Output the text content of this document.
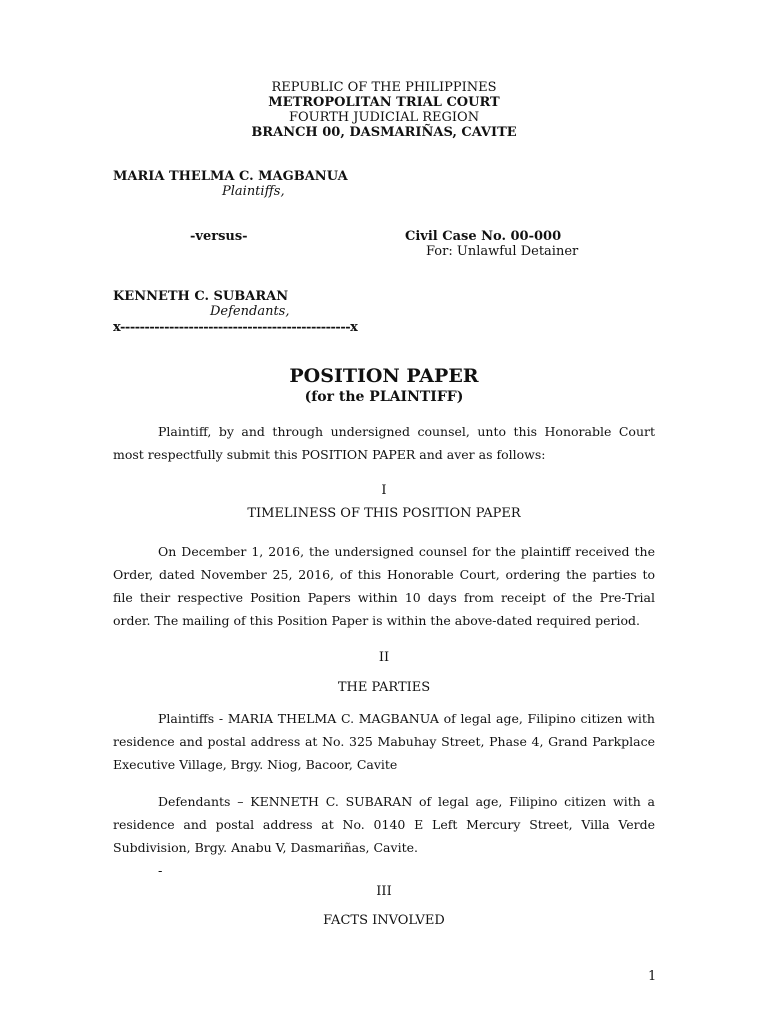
REPUBLIC OF THE PHILIPPINES
METROPOLITAN TRIAL COURT
FOURTH JUDICIAL REGION
BRANCH 00, DASMARIÑAS, CAVITE
MARIA THELMA C. MAGBANUA
Plaintiffs,
-versus-	Civil Case No. 00-000
For: Unlawful Detainer
KENNETH C. SUBARAN
Defendants,
x-----------------------------------------------x
POSITION PAPER
(for the PLAINTIFF)
Plaintiff, by and through undersigned counsel, unto this Honorable Court most respectfully submit this POSITION PAPER and aver as follows:
I
TIMELINESS OF THIS POSITION PAPER
On December 1, 2016, the undersigned counsel for the plaintiff received the Order, dated November 25, 2016, of this Honorable Court, ordering the parties to file their respective Position Papers within 10 days from receipt of the Pre-Trial order. The mailing of this Position Paper is within the above-dated required period.
II
THE PARTIES
Plaintiffs - MARIA THELMA C. MAGBANUA of legal age, Filipino citizen with residence and postal address at No. 325 Mabuhay Street, Phase 4, Grand Parkplace Executive Village, Brgy. Niog, Bacoor, Cavite
Defendants – KENNETH C. SUBARAN of legal age, Filipino citizen with a residence and postal address at No. 0140 E Left Mercury Street, Villa Verde Subdivision, Brgy. Anabu V, Dasmariñas, Cavite.
-
III
FACTS INVOLVED
1
